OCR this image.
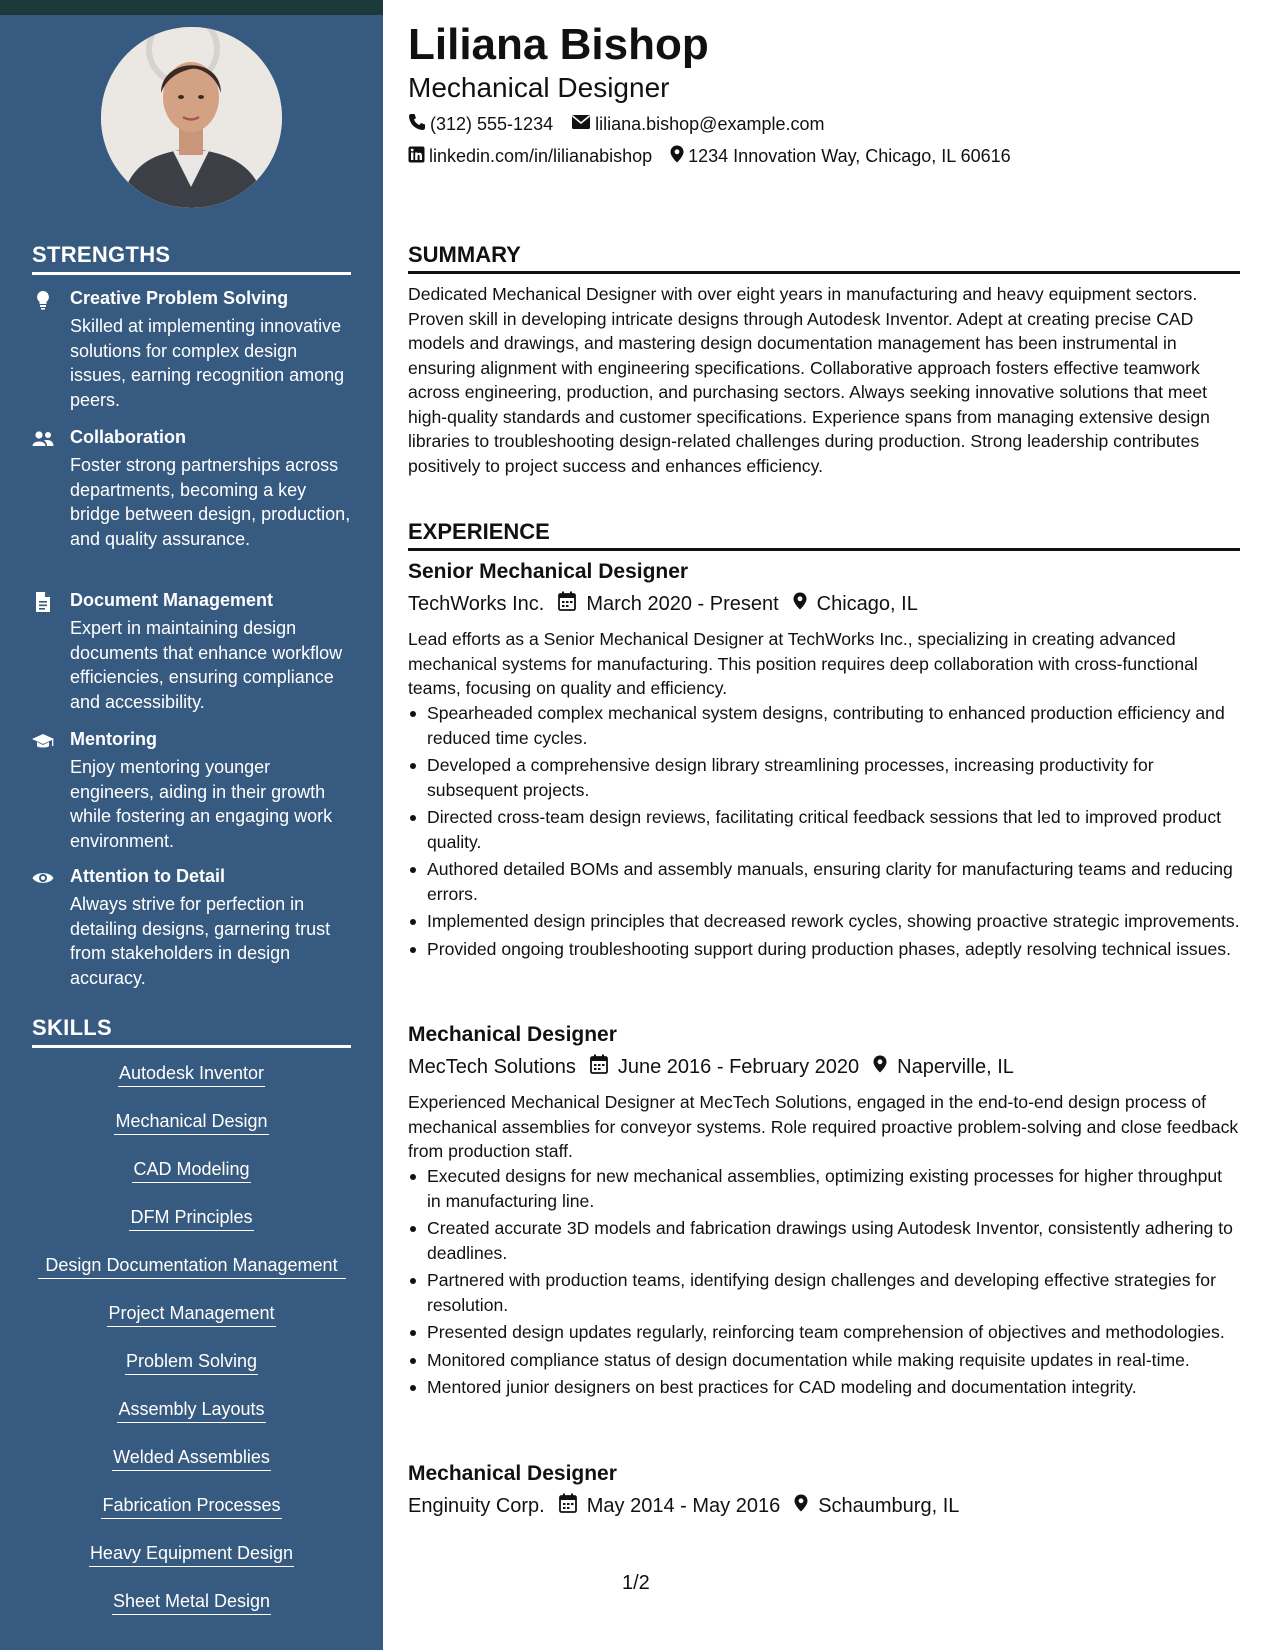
STRENGTHS
Creative Problem Solving
Skilled at implementing innovative solutions for complex design issues, earning recognition among peers.
Collaboration
Foster strong partnerships across departments, becoming a key bridge between design, production, and quality assurance.
Document Management
Expert in maintaining design documents that enhance workflow efficiencies, ensuring compliance and accessibility.
Mentoring
Enjoy mentoring younger engineers, aiding in their growth while fostering an engaging work environment.
Attention to Detail
Always strive for perfection in detailing designs, garnering trust from stakeholders in design accuracy.
SKILLS
Autodesk Inventor
Mechanical Design
CAD Modeling
DFM Principles
Design Documentation Management
Project Management
Problem Solving
Assembly Layouts
Welded Assemblies
Fabrication Processes
Heavy Equipment Design
Sheet Metal Design
Liliana Bishop
Mechanical Designer
(312) 555-1234 liliana.bishop@example.com
linkedin.com/in/lilianabishop 1234 Innovation Way, Chicago, IL 60616
SUMMARY

Dedicated Mechanical Designer with over eight years in manufacturing and heavy equipment sectors. Proven skill in developing intricate designs through Autodesk Inventor. Adept at creating precise CAD models and drawings, and mastering design documentation management has been instrumental in ensuring alignment with engineering specifications. Collaborative approach fosters effective teamwork across engineering, production, and purchasing sectors. Always seeking innovative solutions that meet high-quality standards and customer specifications. Experience spans from managing extensive design libraries to troubleshooting design-related challenges during production. Strong leadership contributes positively to project success and enhances efficiency.

EXPERIENCE
Senior Mechanical Designer
TechWorks Inc. March 2020 - Present Chicago, IL

Lead efforts as a Senior Mechanical Designer at TechWorks Inc., specializing in creating advanced mechanical systems for manufacturing. This position requires deep collaboration with cross-functional teams, focusing on quality and efficiency.

Spearheaded complex mechanical system designs, contributing to enhanced production efficiency and reduced time cycles.
Developed a comprehensive design library streamlining processes, increasing productivity for subsequent projects.
Directed cross-team design reviews, facilitating critical feedback sessions that led to improved product quality.
Authored detailed BOMs and assembly manuals, ensuring clarity for manufacturing teams and reducing errors.
Implemented design principles that decreased rework cycles, showing proactive strategic improvements.
Provided ongoing troubleshooting support during production phases, adeptly resolving technical issues.
Mechanical Designer
MecTech Solutions June 2016 - February 2020 Naperville, IL

Experienced Mechanical Designer at MecTech Solutions, engaged in the end-to-end design process of mechanical assemblies for conveyor systems. Role required proactive problem-solving and close feedback from production staff.

Executed designs for new mechanical assemblies, optimizing existing processes for higher throughput in manufacturing line.
Created accurate 3D models and fabrication drawings using Autodesk Inventor, consistently adhering to deadlines.
Partnered with production teams, identifying design challenges and developing effective strategies for resolution.
Presented design updates regularly, reinforcing team comprehension of objectives and methodologies.
Monitored compliance status of design documentation while making requisite updates in real-time.
Mentored junior designers on best practices for CAD modeling and documentation integrity.
Mechanical Designer
Enginuity Corp. May 2014 - May 2016 Schaumburg, IL
1/2
